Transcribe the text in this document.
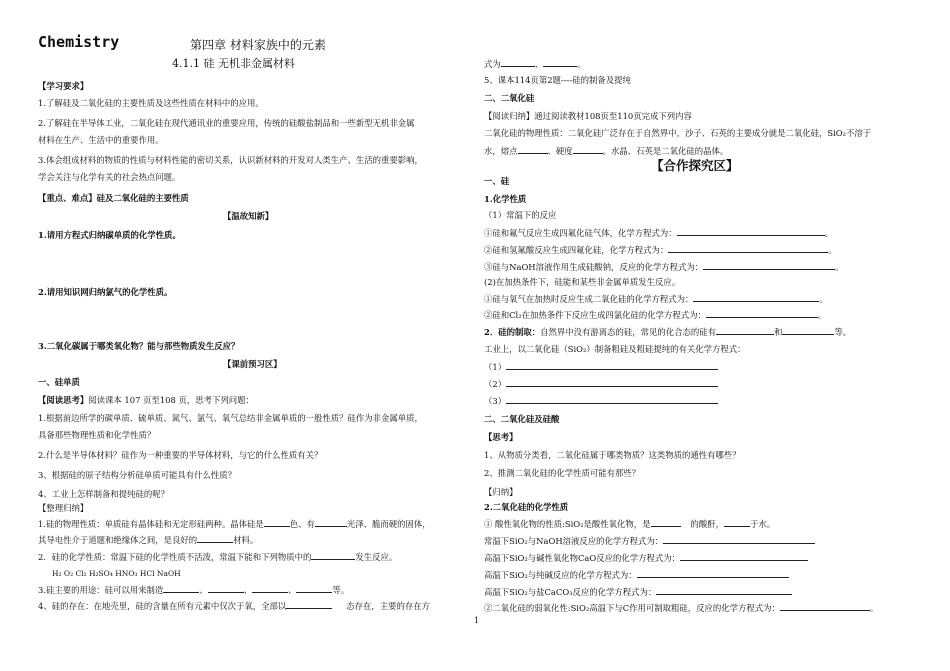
Chemistry	第四章 材料家族中的元素
4.1.1 硅 无机非金属材料
【学习要求】
1.了解硅及二氧化硅的主要性质及这些性质在材料中的应用。
2.了解硅在半导体工业，二氧化硅在现代通讯业的重要应用，传统的硅酸盐制品和一些新型无机非金属
材料在生产、生活中的重要作用。
3.体会组成材料的物质的性质与材料性能的密切关系，认识新材料的开发对人类生产、生活的重要影响，
学会关注与化学有关的社会热点问题。
【重点、难点】硅及二氧化硅的主要性质
【温故知新】
1.请用方程式归纳碳单质的化学性质。
2.请用知识网归纳氯气的化学性质。
3.二氧化碳属于哪类氧化物？能与那些物质发生反应？
【课前预习区】
一、硅单质
【阅读思考】阅读课本 107 页至108 页，思考下列问题：
1.根据前边所学的碳单质、硫单质、氮气、氯气、氧气总结非金属单质的一般性质？硅作为非金属单质，
具备那些物理性质和化学性质？
2.什么是半导体材料？硅作为一种重要的半导体材料，与它的什么性质有关？
3、根据硅的原子结构分析硅单质可能具有什么性质？
4、工业上怎样制备和提纯硅的呢？
【整理归纳】
1.硅的物理性质：单质硅有晶体硅和无定形硅两种。晶体硅是	色、有	光泽、脆而硬的固体，
其导电性介于道题和绝缘体之间，是良好的	材料。
2．硅的化学性质：常温下硅的化学性质不活泼，常温下能和下列物质中的	发生反应。
H₂ O₂ Cl₂ H₂SO₄ HNO₃ HCl NaOH
3.硅主要的用途：硅可以用来制造	、	、	、	等。
4、硅的存在：在地壳里，硅的含量在所有元素中仅次于氧，全部以	态存在，主要的存在方
1
式为	、	。
5、课本114页第2题----硅的制备及提纯
二、二氧化硅
【阅读归纳】通过阅读教材108页至110页完成下列内容
二氧化硅的物理性质：二氧化硅广泛存在于自然界中，沙子、石英的主要成分就是二氧化硅，SiO₂不溶于
水，熔点	、硬度	。水晶、石英是二氧化硅的晶体。
【合作探究区】
一、硅
1.化学性质
（1）常温下的反应
①硅和氟气反应生成四氟化硅气体，化学方程式为：	。
②硅和氢氟酸反应生成四氟化硅，化学方程式为：	。
③硅与NaOH溶液作用生成硅酸钠，反应的化学方程式为：	。
(2)在加热条件下，硅能和某些非金属单质发生反应。
①硅与氧气在加热时反应生成二氧化硅的化学方程式为：	。
②硅和Cl₂在加热条件下反应生成四氯化硅的化学方程式为：	。
2．硅的制取：自然界中没有游离态的硅，常见的化合态的硅有	和	等。
工业上，以二氧化硅（SiO₂）制备粗硅及粗硅提纯的有关化学方程式：
（1）
（2）
（3）
二、二氧化硅及硅酸
【思考】
1、从物质分类看，二氧化硅属于哪类物质？这类物质的通性有哪些？
2、推测二氧化硅的化学性质可能有那些？
【归纳】
2.二氧化硅的化学性质
① 酸性氧化物的性质:SiO₂是酸性氧化物，是	的酸酐，	于水。
常温下SiO₂与NaOH溶液反应的化学方程式为：
高温下SiO₂与碱性氧化物CaO反应的化学方程式为：
高温下SiO₂与纯碱反应的化学方程式为：
高温下SiO₂与盐CaCO₃反应的化学方程式为：
②二氧化硅的弱氧化性:SiO₂高温下与C作用可制取粗硅，反应的化学方程式为：	。
